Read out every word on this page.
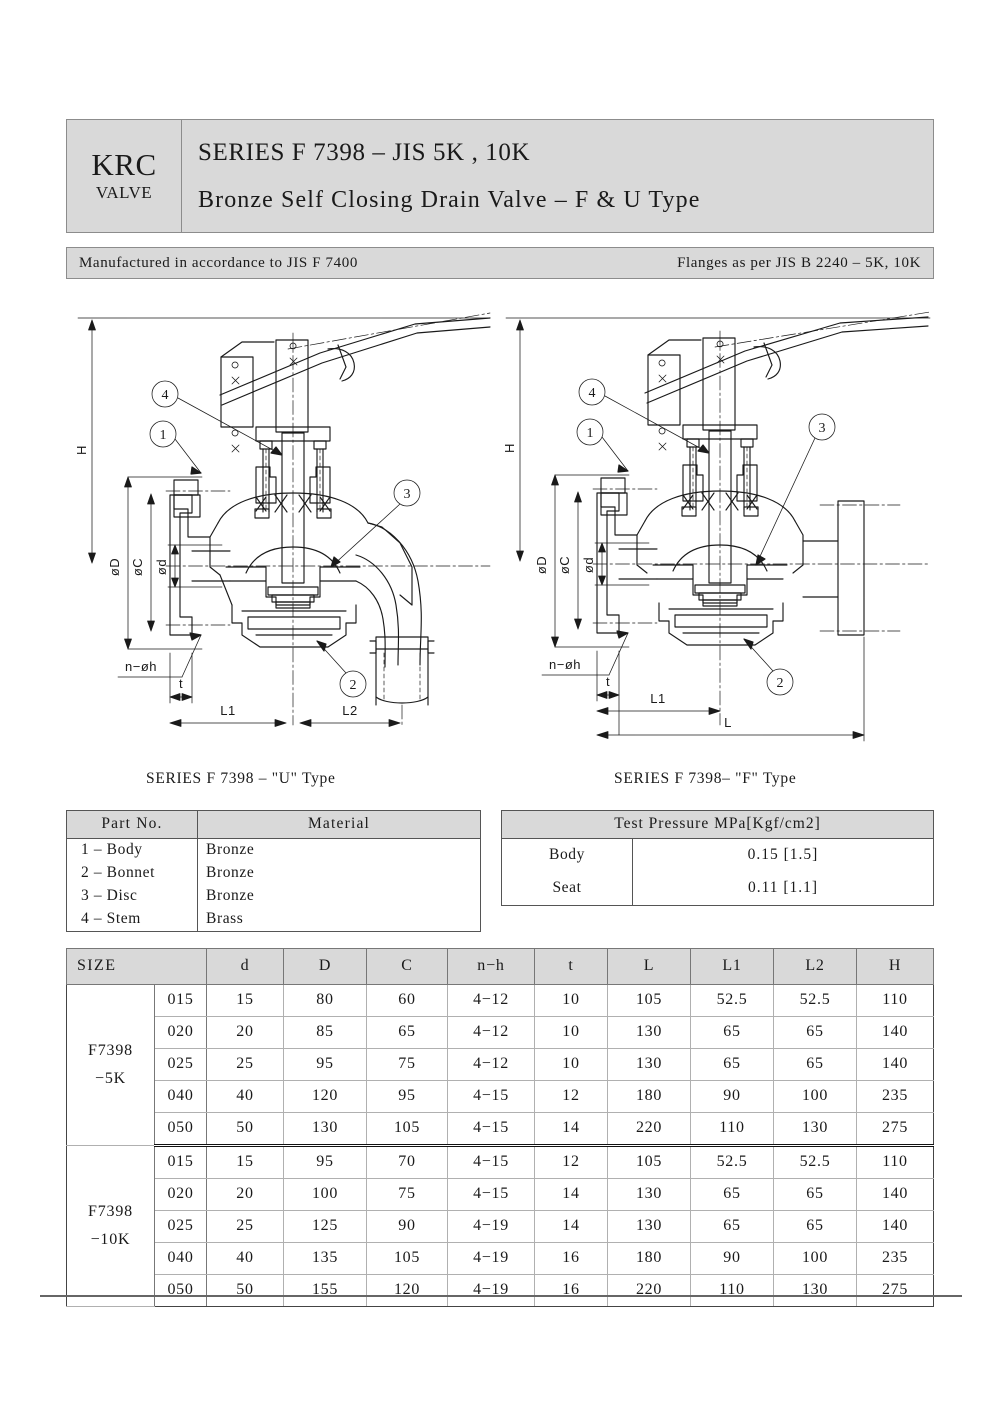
KRC
VALVE
SERIES F 7398 – JIS 5K , 10K
Bronze Self Closing Drain Valve – F & U Type
Manufactured in accordance to JIS F 7400	Flanges as per JIS B 2240 – 5K, 10K
4
1
3
2
H
øD øC ød
n−øh
t
L1	L2
4
1	3
2
H
øD øC ød
n−øh
t
L1
L
SERIES F 7398 – "U" Type	SERIES F 7398– "F" Type
Part No.	Material
1 – Body	Bronze
2 – Bonnet	Bronze
3 – Disc	Bronze
4 – Stem	Brass
Test Pressure MPa[Kgf/cm2]	
Body	0.15 [1.5]
Seat	0.11 [1.1]
SIZE		d	D	C	n−h	t	L	L1	L2	H
F7398
−5K	015	15	80	60	4−12	10	105	52.5	52.5	110
	020	20	85	65	4−12	10	130	65	65	140
	025	25	95	75	4−12	10	130	65	65	140
	040	40	120	95	4−15	12	180	90	100	235
	050	50	130	105	4−15	14	220	110	130	275
F7398
−10K	015	15	95	70	4−15	12	105	52.5	52.5	110
	020	20	100	75	4−15	14	130	65	65	140
	025	25	125	90	4−19	14	130	65	65	140
	040	40	135	105	4−19	16	180	90	100	235
	050	50	155	120	4−19	16	220	110	130	275
